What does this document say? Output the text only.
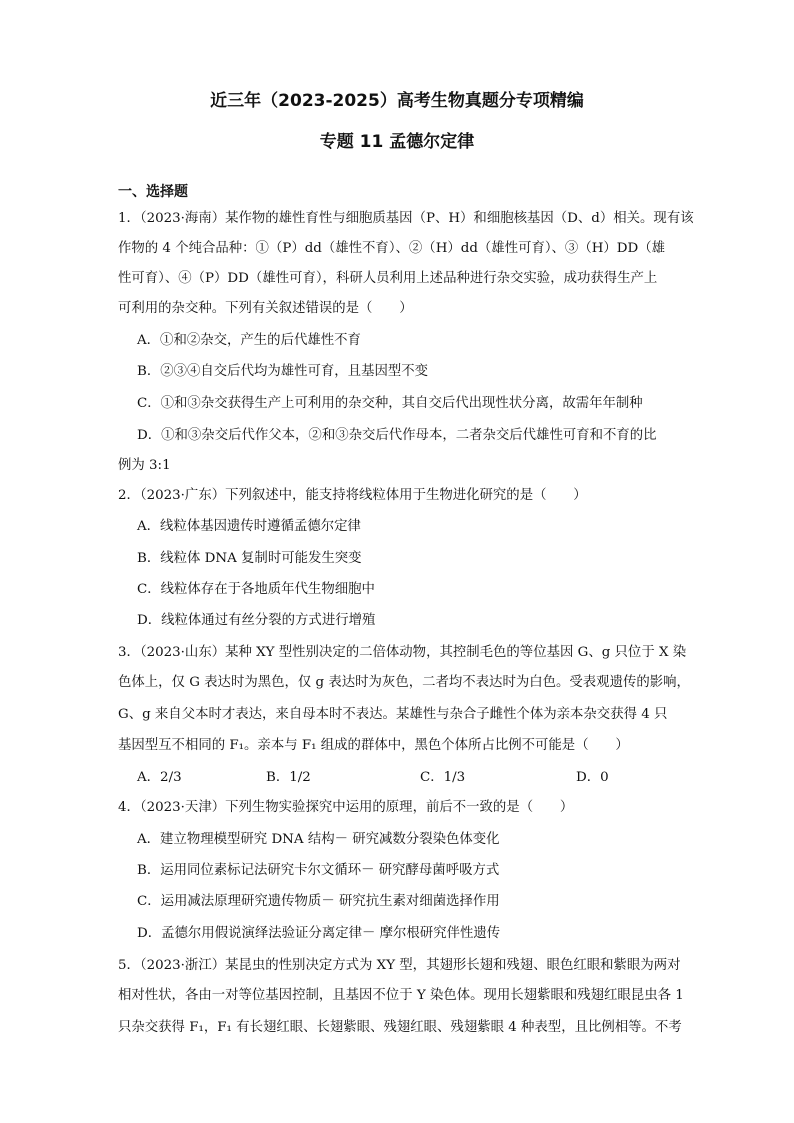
近三年（2023-2025）高考生物真题分专项精编
专题 11 孟德尔定律
一、选择题
1．（2023·海南）某作物的雄性育性与细胞质基因（P、H）和细胞核基因（D、d）相关。现有该
作物的 4 个纯合品种：①（P）dd（雄性不育）、②（H）dd（雄性可育）、③（H）DD（雄
性可育）、④（P）DD（雄性可育），科研人员利用上述品种进行杂交实验，成功获得生产上
可利用的杂交种。下列有关叙述错误的是（　　）
A．①和②杂交，产生的后代雄性不育
B．②③④自交后代均为雄性可育，且基因型不变
C．①和③杂交获得生产上可利用的杂交种，其自交后代出现性状分离，故需年年制种
D．①和③杂交后代作父本，②和③杂交后代作母本，二者杂交后代雄性可育和不育的比
例为 3:1
2．（2023·广东）下列叙述中，能支持将线粒体用于生物进化研究的是（　　）
A．线粒体基因遗传时遵循孟德尔定律
B．线粒体 DNA 复制时可能发生突变
C．线粒体存在于各地质年代生物细胞中
D．线粒体通过有丝分裂的方式进行增殖
3．（2023·山东）某种 XY 型性别决定的二倍体动物，其控制毛色的等位基因 G、g 只位于 X 染
色体上，仅 G 表达时为黑色，仅 g 表达时为灰色，二者均不表达时为白色。受表观遗传的影响，
G、g 来自父本时才表达，来自母本时不表达。某雄性与杂合子雌性个体为亲本杂交获得 4 只
基因型互不相同的 F₁。亲本与 F₁ 组成的群体中，黑色个体所占比例不可能是（　　）
A．2/3	B．1/2	C．1/3	D．0
4．（2023·天津）下列生物实验探究中运用的原理，前后不一致的是（　　）
A．建立物理模型研究 DNA 结构－ 研究减数分裂染色体变化
B．运用同位素标记法研究卡尔文循环－ 研究酵母菌呼吸方式
C．运用减法原理研究遗传物质－ 研究抗生素对细菌选择作用
D．孟德尔用假说演绎法验证分离定律－ 摩尔根研究伴性遗传
5．（2023·浙江）某昆虫的性别决定方式为 XY 型，其翅形长翅和残翅、眼色红眼和紫眼为两对
相对性状，各由一对等位基因控制，且基因不位于 Y 染色体。现用长翅紫眼和残翅红眼昆虫各 1
只杂交获得 F₁，F₁ 有长翅红眼、长翅紫眼、残翅红眼、残翅紫眼 4 种表型，且比例相等。不考
